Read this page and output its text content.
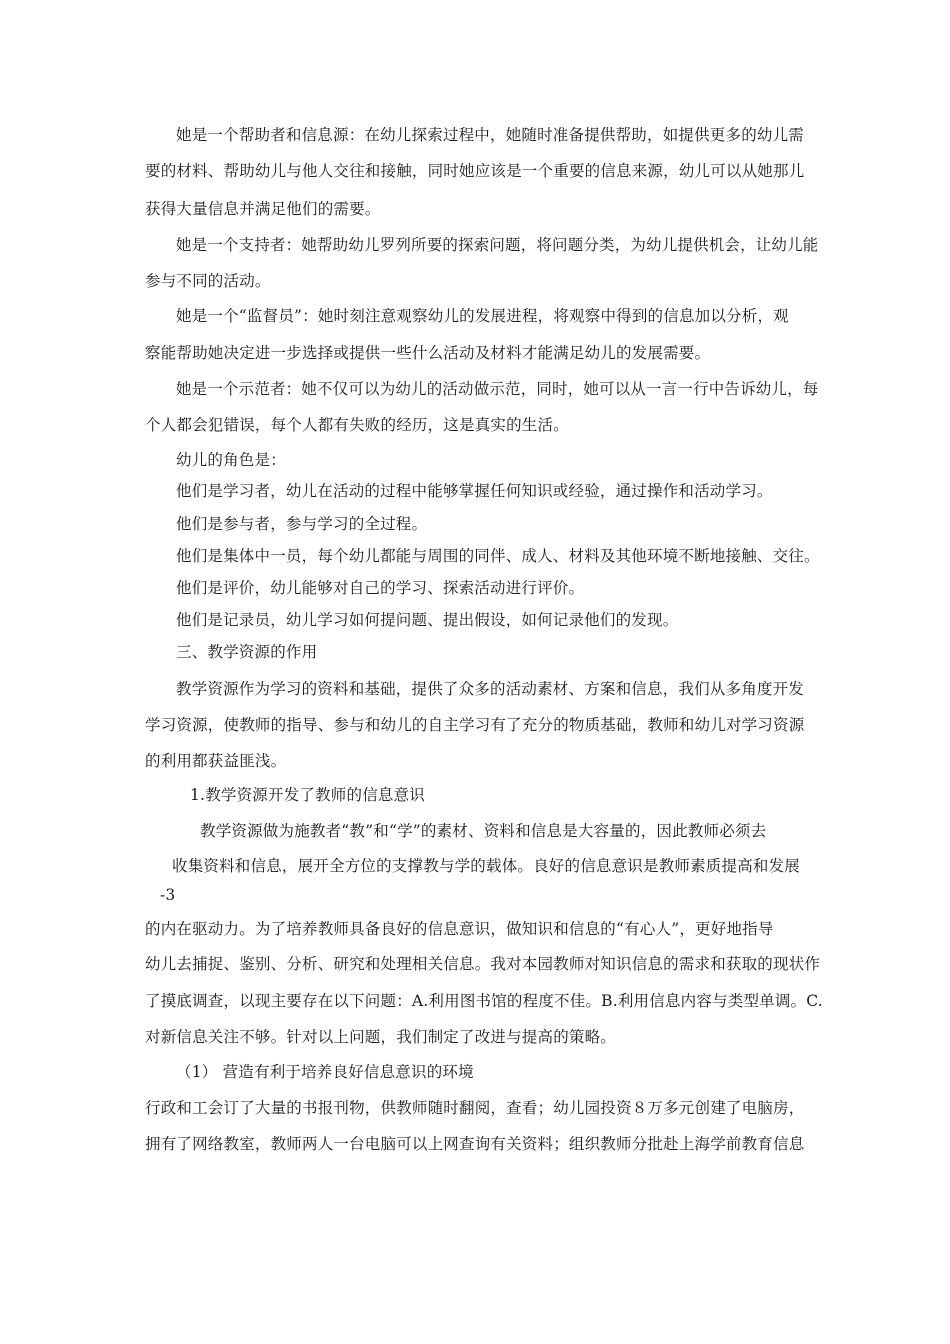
她是一个帮助者和信息源：在幼儿探索过程中，她随时准备提供帮助，如提供更多的幼儿需
要的材料、帮助幼儿与他人交往和接触，同时她应该是一个重要的信息来源，幼儿可以从她那儿
获得大量信息并满足他们的需要。
她是一个支持者：她帮助幼儿罗列所要的探索问题，将问题分类，为幼儿提供机会，让幼儿能
参与不同的活动。
她是一个“监督员”：她时刻注意观察幼儿的发展进程，将观察中得到的信息加以分析，观
察能帮助她决定进一步选择或提供一些什么活动及材料才能满足幼儿的发展需要。
她是一个示范者：她不仅可以为幼儿的活动做示范，同时，她可以从一言一行中告诉幼儿，每
个人都会犯错误，每个人都有失败的经历，这是真实的生活。
幼儿的角色是：
他们是学习者，幼儿在活动的过程中能够掌握任何知识或经验，通过操作和活动学习。
他们是参与者，参与学习的全过程。
他们是集体中一员，每个幼儿都能与周围的同伴、成人、材料及其他环境不断地接触、交往。
他们是评价，幼儿能够对自己的学习、探索活动进行评价。
他们是记录员，幼儿学习如何提问题、提出假设，如何记录他们的发现。
三、教学资源的作用
教学资源作为学习的资料和基础，提供了众多的活动素材、方案和信息，我们从多角度开发
学习资源，使教师的指导、参与和幼儿的自主学习有了充分的物质基础，教师和幼儿对学习资源
的利用都获益匪浅。
1.教学资源开发了教师的信息意识
教学资源做为施教者“教”和“学”的素材、资料和信息是大容量的，因此教师必须去
收集资料和信息，展开全方位的支撑教与学的载体。良好的信息意识是教师素质提高和发展
-3
的内在驱动力。为了培养教师具备良好的信息意识，做知识和信息的“有心人”，更好地指导
幼儿去捕捉、鉴别、分析、研究和处理相关信息。我对本园教师对知识信息的需求和获取的现状作
了摸底调查，以现主要存在以下问题：A.利用图书馆的程度不佳。B.利用信息内容与类型单调。C.
对新信息关注不够。针对以上问题，我们制定了改进与提高的策略。
（1） 营造有利于培养良好信息意识的环境
行政和工会订了大量的书报刊物，供教师随时翻阅，查看；幼儿园投资８万多元创建了电脑房，
拥有了网络教室，教师两人一台电脑可以上网查询有关资料；组织教师分批赴上海学前教育信息
